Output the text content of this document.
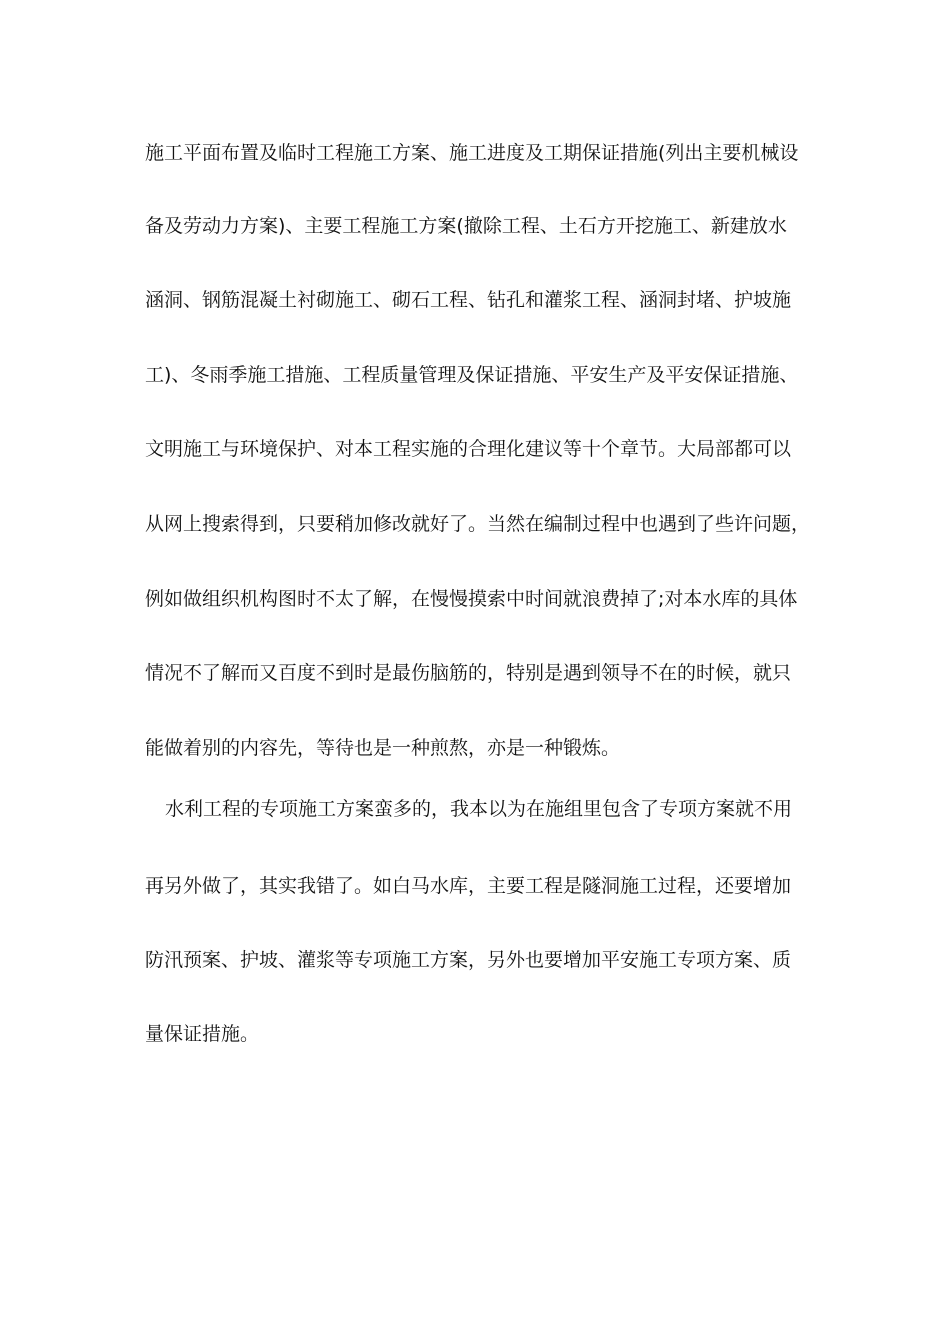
施工平面布置及临时工程施工方案、施工进度及工期保证措施(列出主要机械设
备及劳动力方案)、主要工程施工方案(撤除工程、土石方开挖施工、新建放水
涵洞、钢筋混凝土衬砌施工、砌石工程、钻孔和灌浆工程、涵洞封堵、护坡施
工)、冬雨季施工措施、工程质量管理及保证措施、平安生产及平安保证措施、
文明施工与环境保护、对本工程实施的合理化建议等十个章节。大局部都可以
从网上搜索得到，只要稍加修改就好了。当然在编制过程中也遇到了些许问题，
例如做组织机构图时不太了解，在慢慢摸索中时间就浪费掉了;对本水库的具体
情况不了解而又百度不到时是最伤脑筋的，特别是遇到领导不在的时候，就只
能做着别的内容先，等待也是一种煎熬，亦是一种锻炼。
水利工程的专项施工方案蛮多的，我本以为在施组里包含了专项方案就不用
再另外做了，其实我错了。如白马水库，主要工程是隧洞施工过程，还要增加
防汛预案、护坡、灌浆等专项施工方案，另外也要增加平安施工专项方案、质
量保证措施。
